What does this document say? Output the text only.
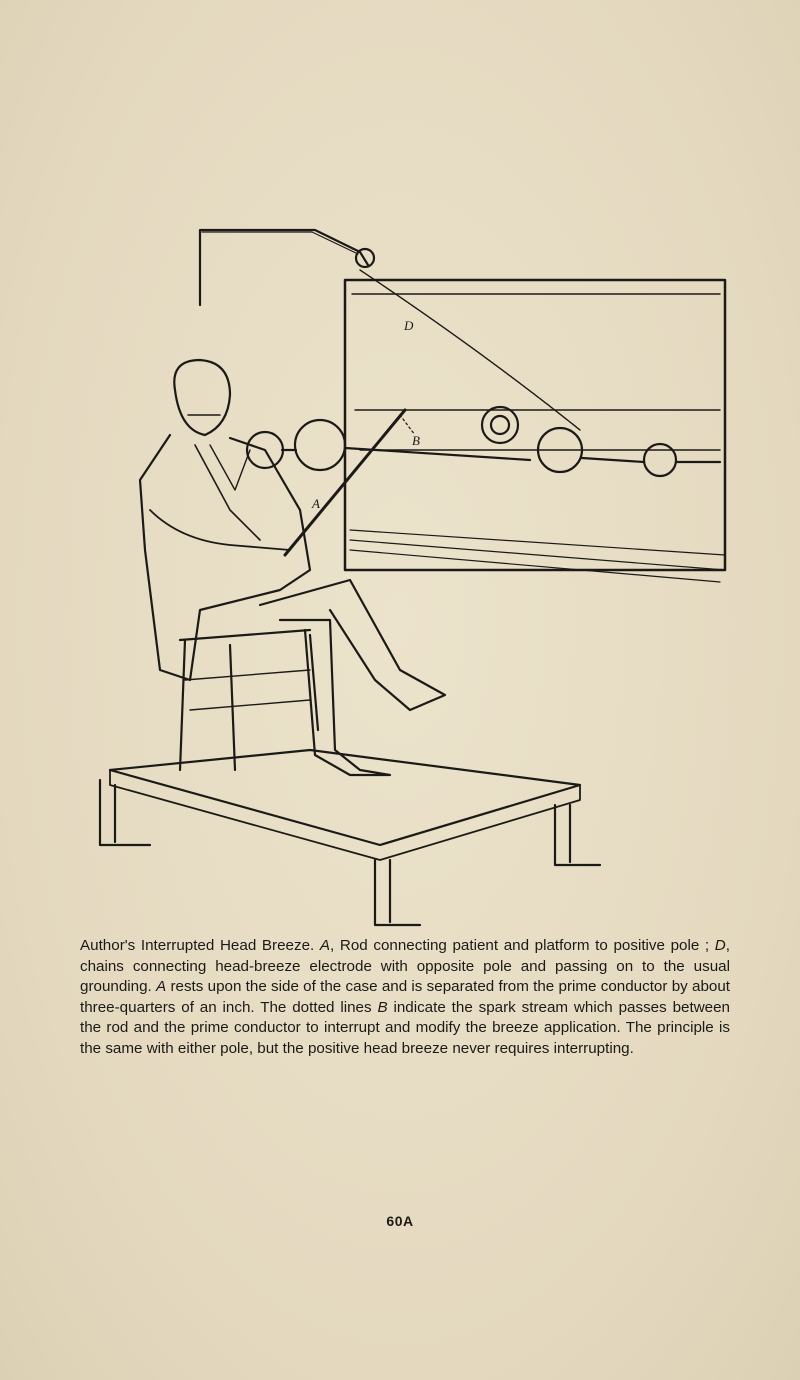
A
D
B
Author's Interrupted Head Breeze. A, Rod connecting patient and platform to positive pole ; D, chains connecting head-breeze electrode with opposite pole and passing on to the usual grounding. A rests upon the side of the case and is separated from the prime conductor by about three-quarters of an inch. The dotted lines B indicate the spark stream which passes between the rod and the prime conductor to interrupt and modify the breeze application. The principle is the same with either pole, but the positive head breeze never requires interrupting.
60A
